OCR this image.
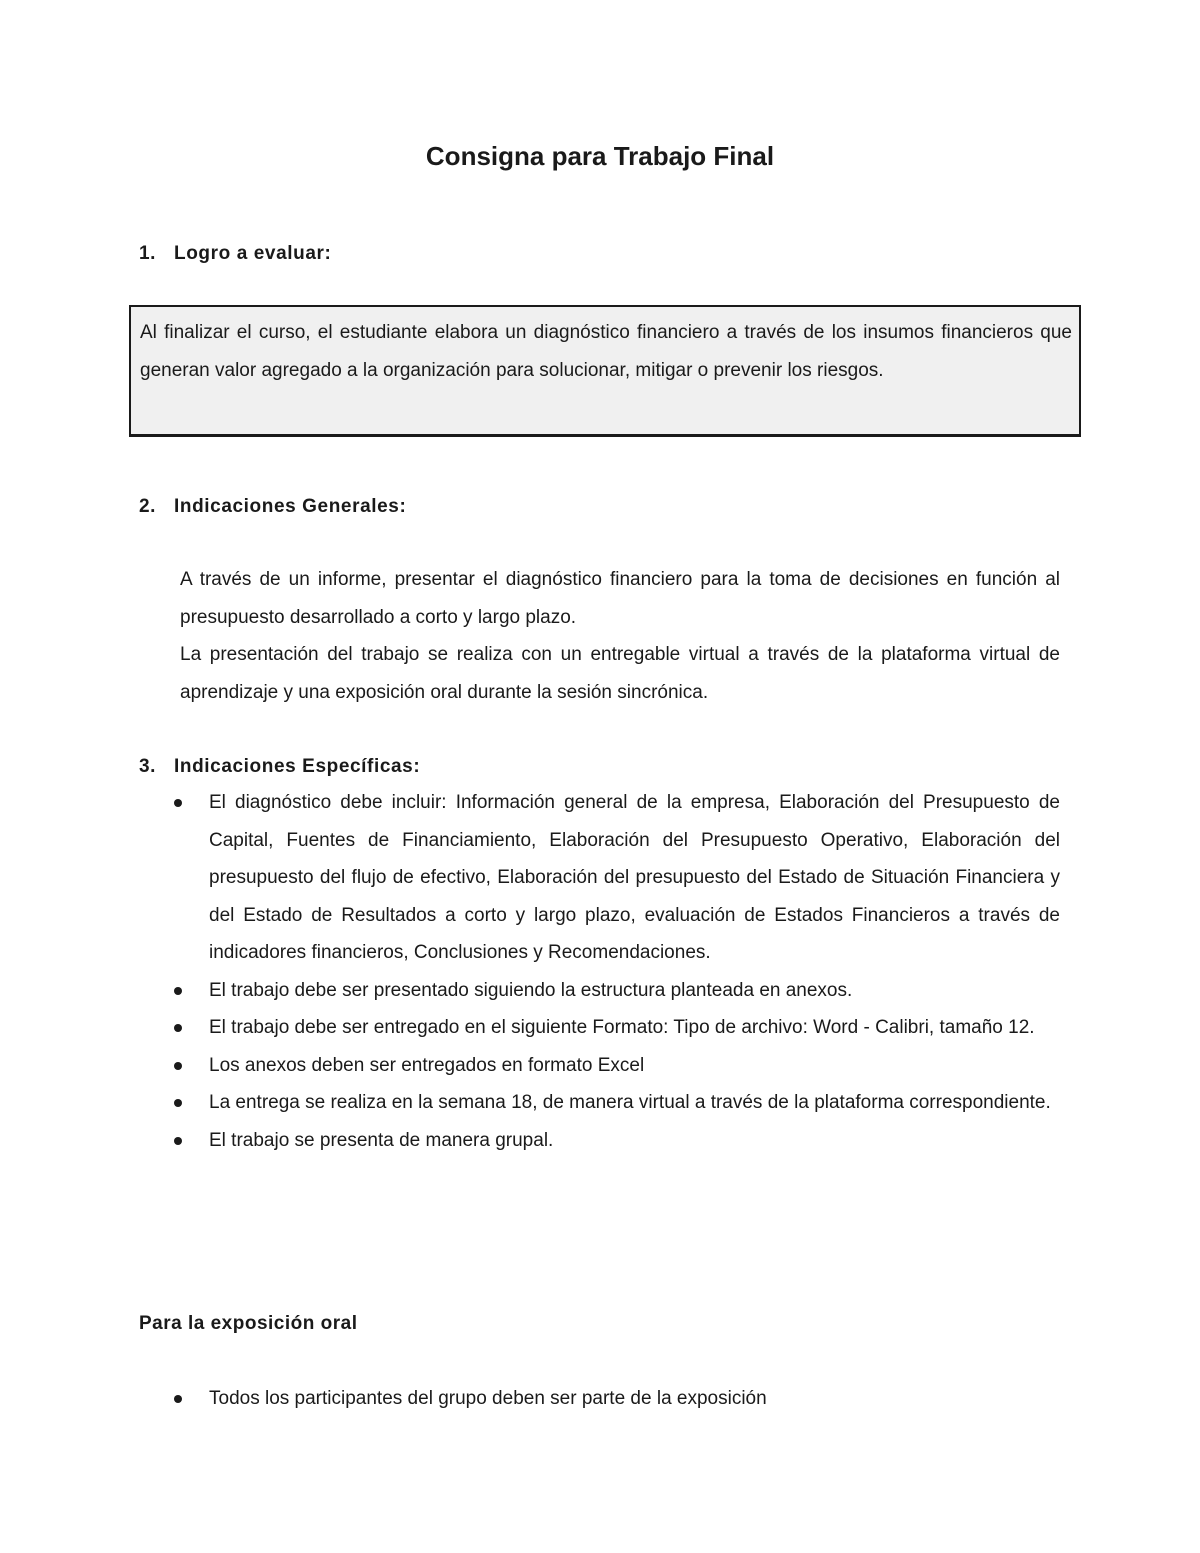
Consigna para Trabajo Final
1. Logro a evaluar:

Al finalizar el curso, el estudiante elabora un diagnóstico financiero a través de los insumos financieros que generan valor agregado a la organización para solucionar, mitigar o prevenir los riesgos.

2. Indicaciones Generales:

A través de un informe, presentar el diagnóstico financiero para la toma de decisiones en función al presupuesto desarrollado a corto y largo plazo.

La presentación del trabajo se realiza con un entregable virtual a través de la plataforma virtual de aprendizaje y una exposición oral durante la sesión sincrónica.

3. Indicaciones Específicas:
El diagnóstico debe incluir: Información general de la empresa, Elaboración del Presupuesto de Capital, Fuentes de Financiamiento, Elaboración del Presupuesto Operativo, Elaboración del presupuesto del flujo de efectivo, Elaboración del presupuesto del Estado de Situación Financiera y del Estado de Resultados a corto y largo plazo, evaluación de Estados Financieros a través de indicadores financieros, Conclusiones y Recomendaciones.
El trabajo debe ser presentado siguiendo la estructura planteada en anexos.
El trabajo debe ser entregado en el siguiente Formato: Tipo de archivo: Word - Calibri, tamaño 12.
Los anexos deben ser entregados en formato Excel
La entrega se realiza en la semana 18, de manera virtual a través de la plataforma correspondiente.
El trabajo se presenta de manera grupal.
Para la exposición oral
Todos los participantes del grupo deben ser parte de la exposición
